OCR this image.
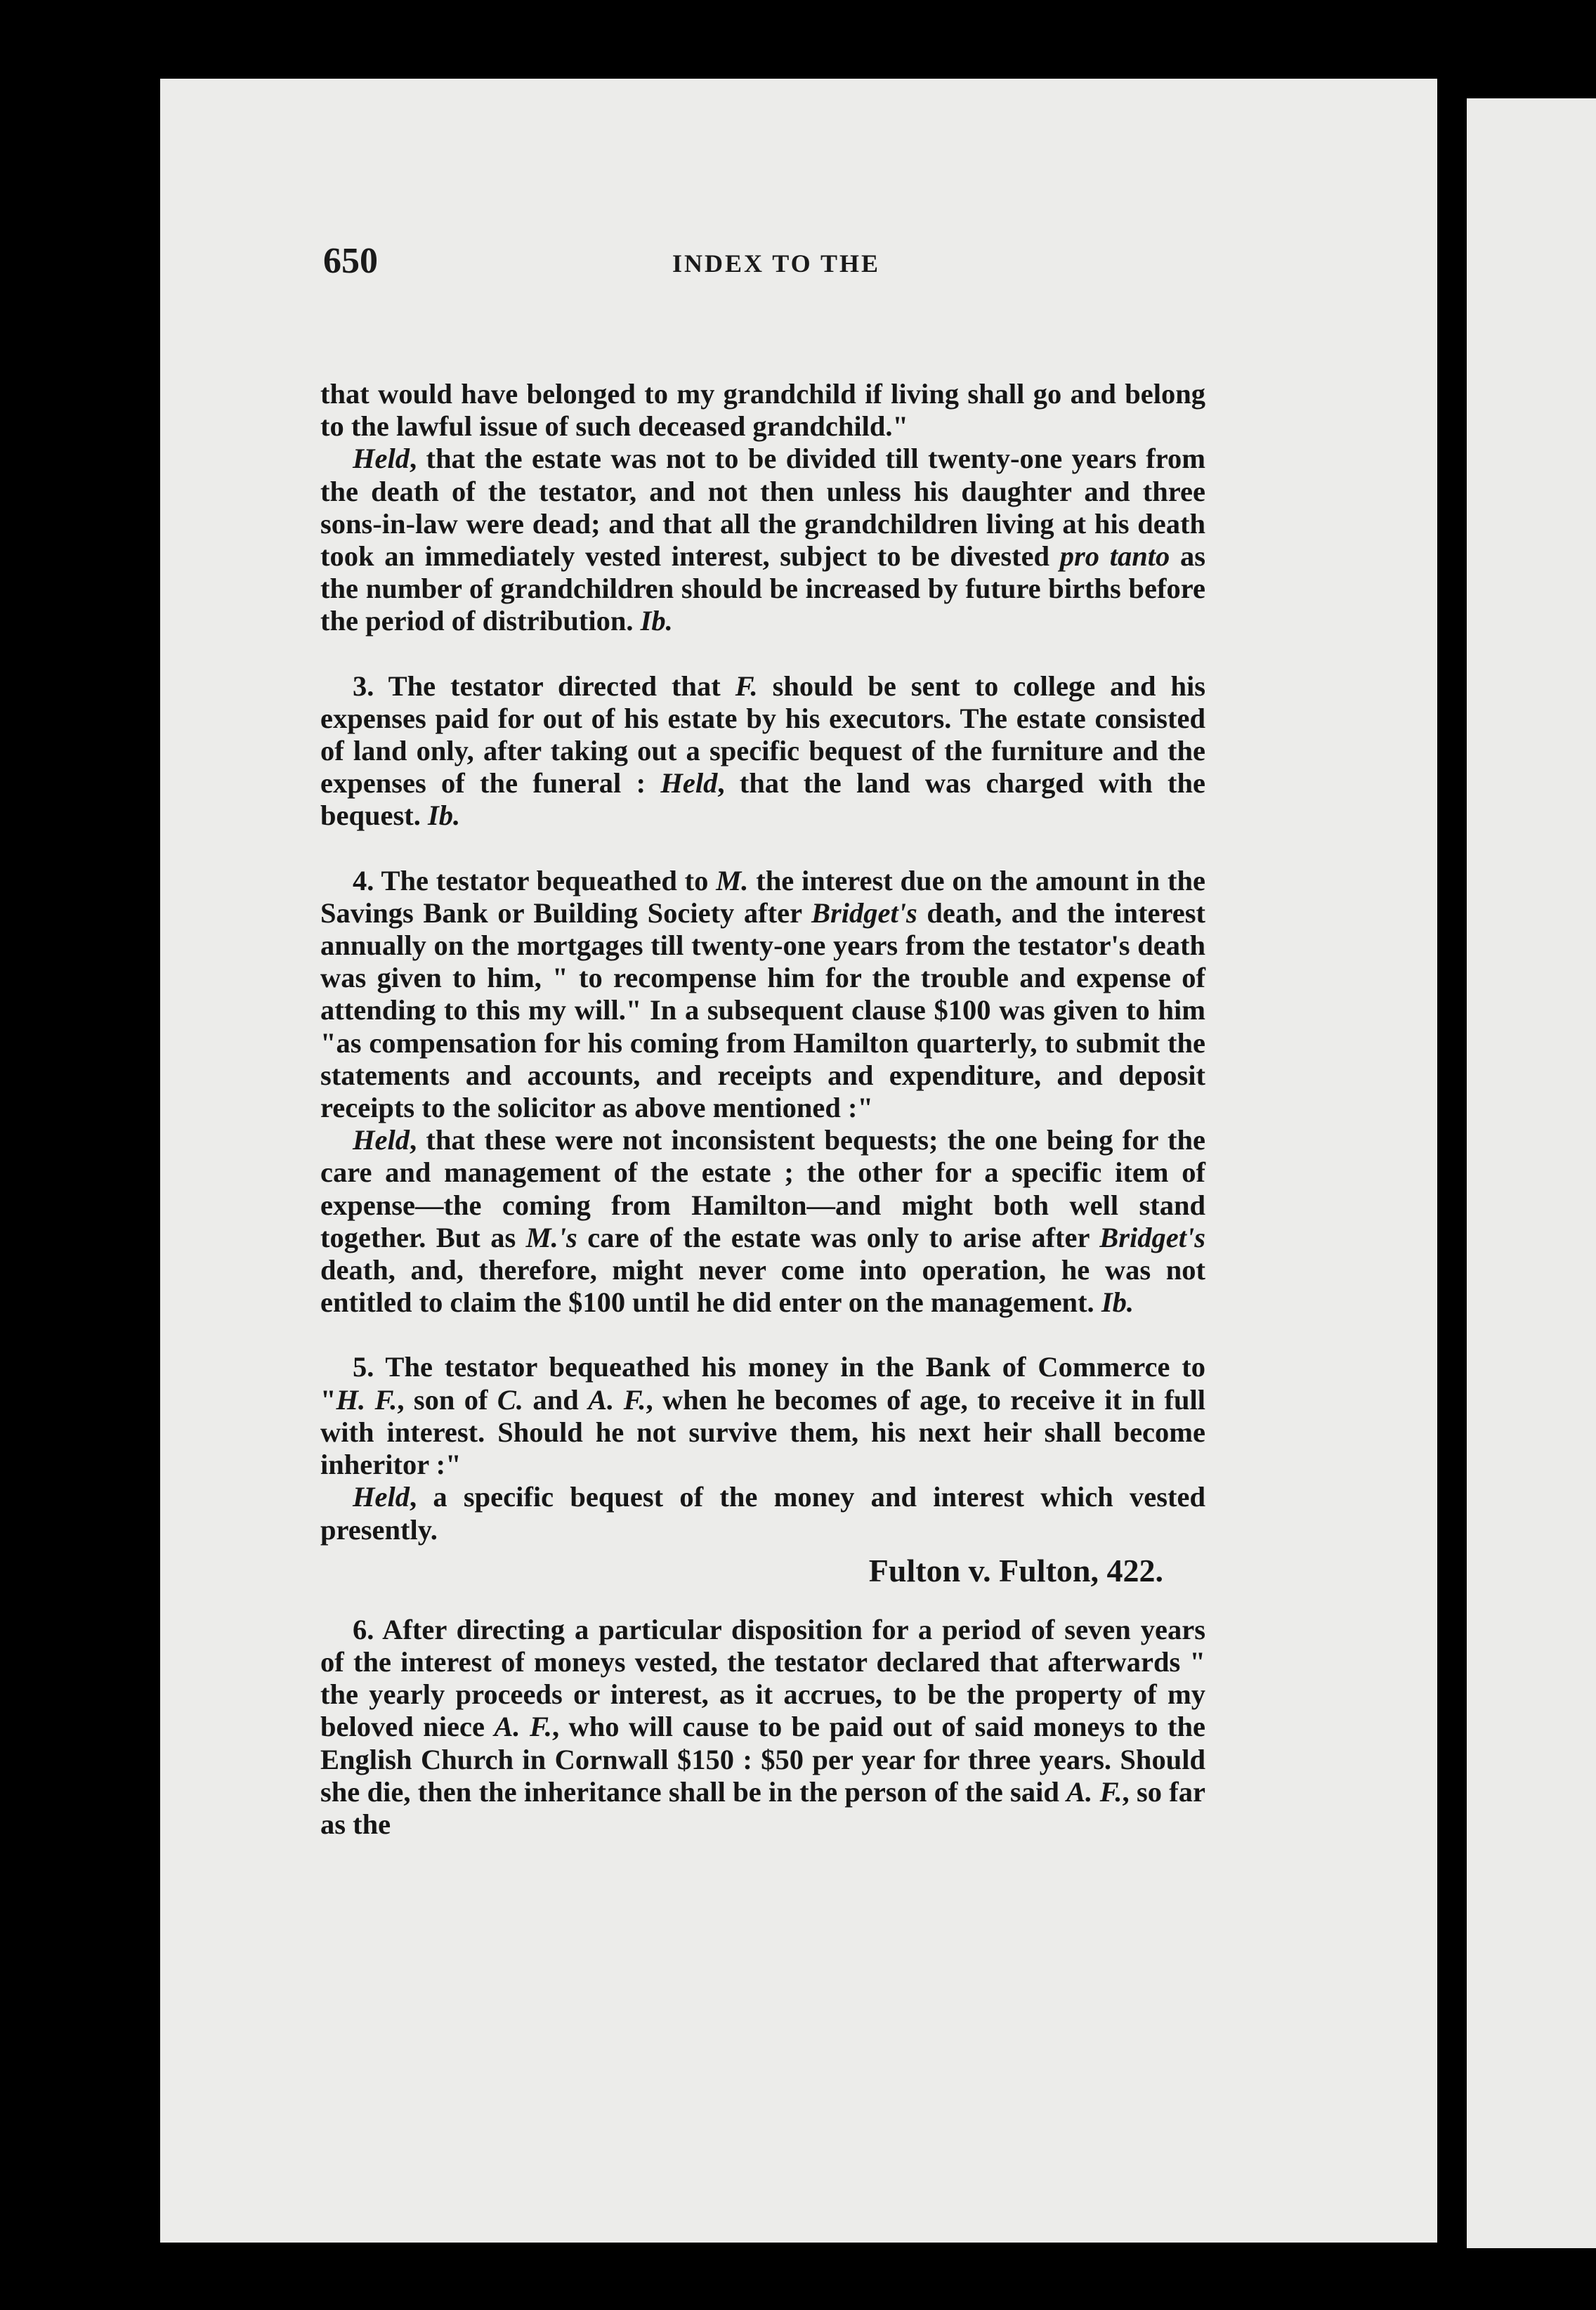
650	INDEX TO THE

that would have belonged to my grandchild if living shall go and belong to the lawful issue of such deceased grandchild."

Held, that the estate was not to be divided till twenty-one years from the death of the testator, and not then unless his daughter and three sons-in-law were dead; and that all the grandchildren living at his death took an immediately vested interest, subject to be divested pro tanto as the number of grandchildren should be increased by future births before the period of distribution. Ib.

3. The testator directed that F. should be sent to college and his expenses paid for out of his estate by his executors. The estate consisted of land only, after taking out a specific bequest of the furniture and the expenses of the funeral : Held, that the land was charged with the bequest. Ib.

4. The testator bequeathed to M. the interest due on the amount in the Savings Bank or Building Society after Bridget's death, and the interest annually on the mortgages till twenty-one years from the testator's death was given to him, " to recompense him for the trouble and expense of attending to this my will." In a subsequent clause $100 was given to him "as compensation for his coming from Hamilton quarterly, to submit the statements and accounts, and receipts and expenditure, and deposit receipts to the solicitor as above mentioned :"

Held, that these were not inconsistent bequests; the one being for the care and management of the estate ; the other for a specific item of expense—the coming from Hamilton—and might both well stand together. But as M.'s care of the estate was only to arise after Bridget's death, and, therefore, might never come into operation, he was not entitled to claim the $100 until he did enter on the management. Ib.

5. The testator bequeathed his money in the Bank of Commerce to "H. F., son of C. and A. F., when he becomes of age, to receive it in full with interest. Should he not survive them, his next heir shall become inheritor :"

Held, a specific bequest of the money and interest which vested presently.

Fulton v. Fulton, 422.

6. After directing a particular disposition for a period of seven years of the interest of moneys vested, the testator declared that afterwards " the yearly proceeds or interest, as it accrues, to be the property of my beloved niece A. F., who will cause to be paid out of said moneys to the English Church in Cornwall $150 : $50 per year for three years. Should she die, then the inheritance shall be in the person of the said A. F., so far as the
